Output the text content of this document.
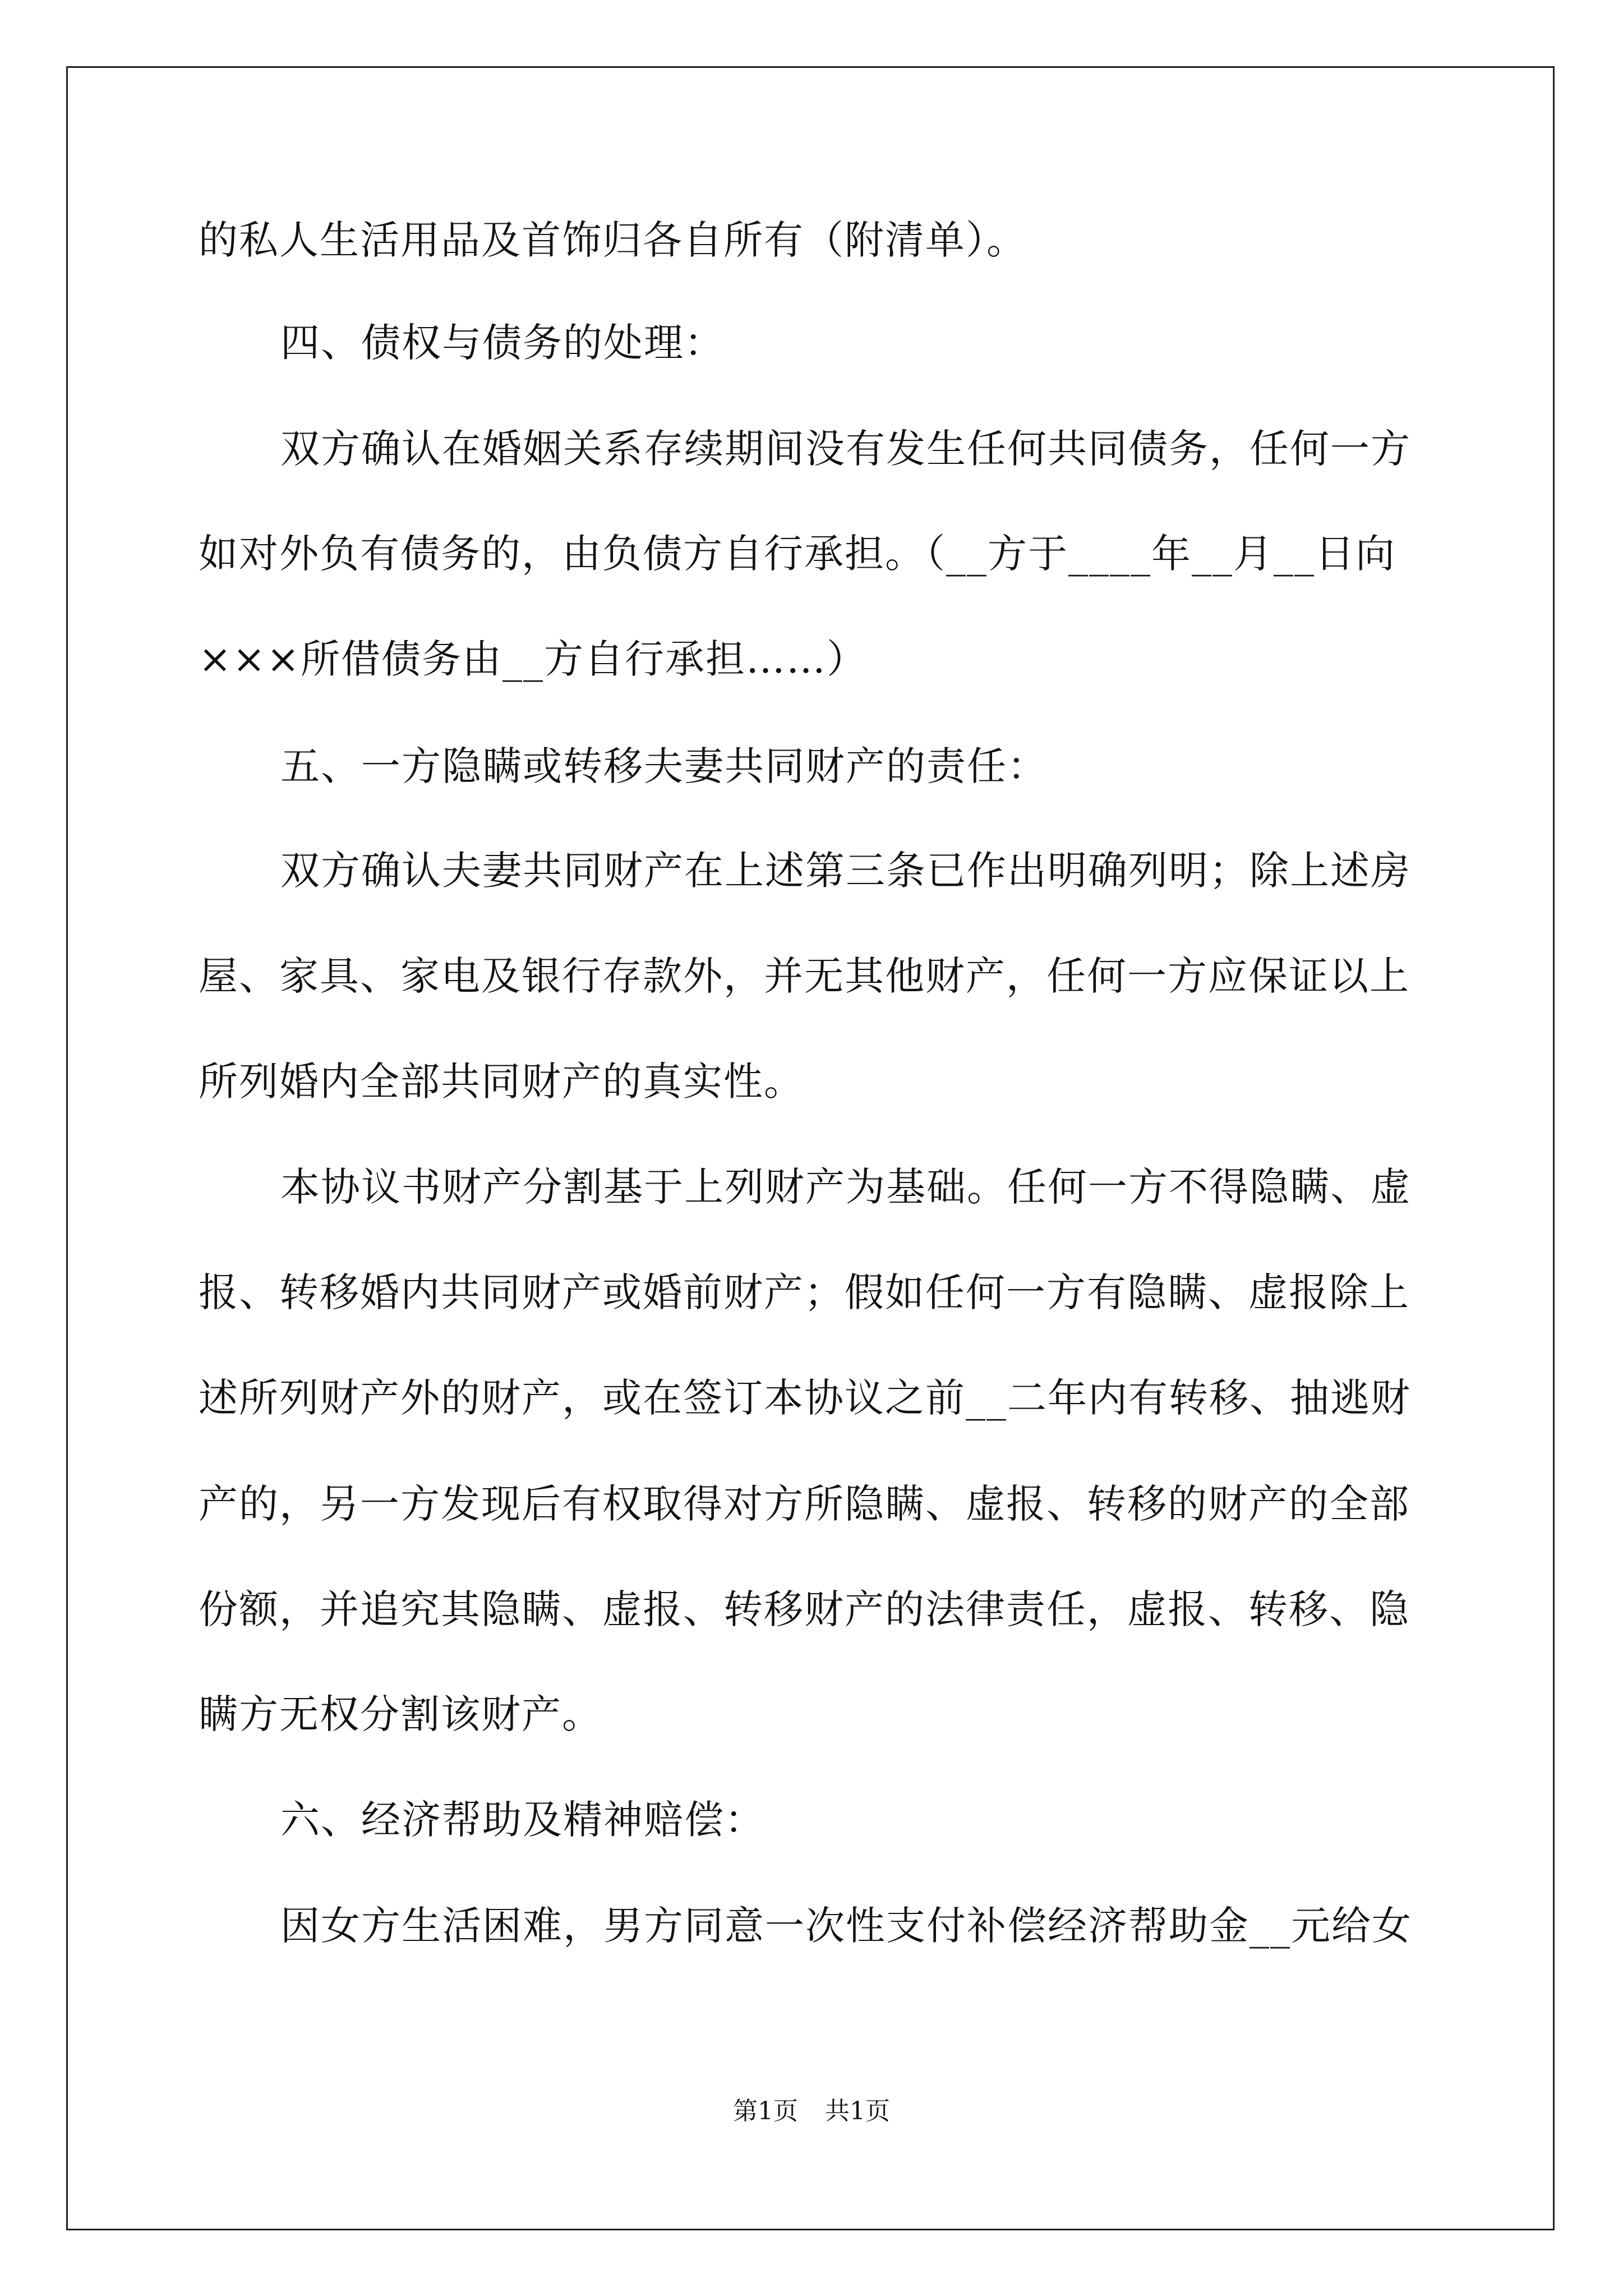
的私人生活用品及首饰归各自所有（附清单）。
四、债权与债务的处理：
双方确认在婚姻关系存续期间没有发生任何共同债务，任何一方
如对外负有债务的，由负债方自行承担。（__方于____年__月__日向
×××所借债务由__方自行承担……）
五、一方隐瞒或转移夫妻共同财产的责任：
双方确认夫妻共同财产在上述第三条已作出明确列明；除上述房
屋、家具、家电及银行存款外，并无其他财产，任何一方应保证以上
所列婚内全部共同财产的真实性。
本协议书财产分割基于上列财产为基础。任何一方不得隐瞒、虚
报、转移婚内共同财产或婚前财产；假如任何一方有隐瞒、虚报除上
述所列财产外的财产，或在签订本协议之前__二年内有转移、抽逃财
产的，另一方发现后有权取得对方所隐瞒、虚报、转移的财产的全部
份额，并追究其隐瞒、虚报、转移财产的法律责任，虚报、转移、隐
瞒方无权分割该财产。
六、经济帮助及精神赔偿：
因女方生活困难，男方同意一次性支付补偿经济帮助金__元给女
第1页 共1页
